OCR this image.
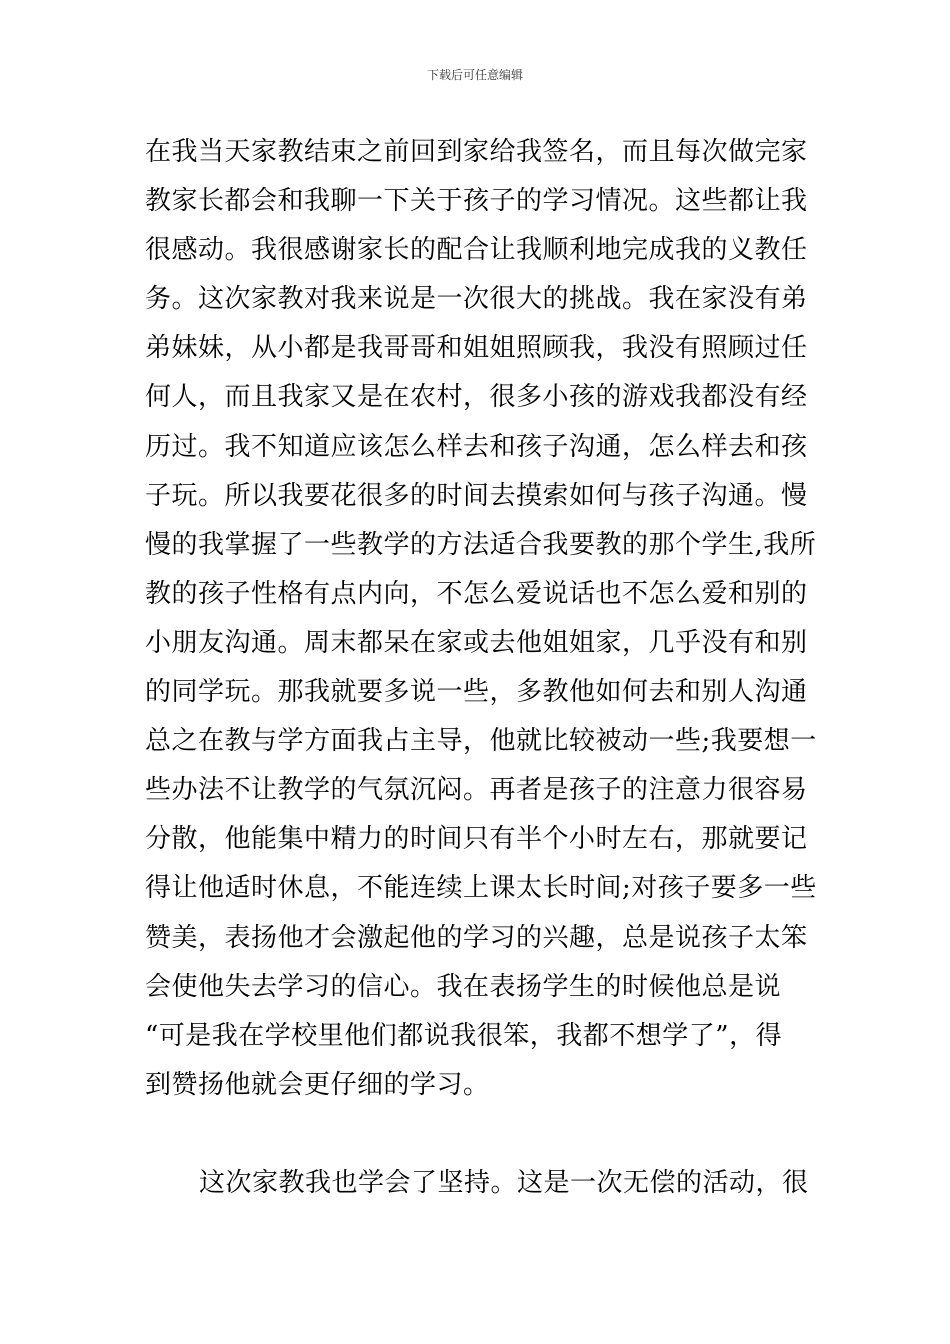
下载后可任意编辑
在我当天家教结束之前回到家给我签名，而且每次做完家
教家长都会和我聊一下关于孩子的学习情况。这些都让我
很感动。我很感谢家长的配合让我顺利地完成我的义教任
务。这次家教对我来说是一次很大的挑战。我在家没有弟
弟妹妹，从小都是我哥哥和姐姐照顾我，我没有照顾过任
何人，而且我家又是在农村，很多小孩的游戏我都没有经
历过。我不知道应该怎么样去和孩子沟通，怎么样去和孩
子玩。所以我要花很多的时间去摸索如何与孩子沟通。慢
慢的我掌握了一些教学的方法适合我要教的那个学生,我所
教的孩子性格有点内向，不怎么爱说话也不怎么爱和别的
小朋友沟通。周末都呆在家或去他姐姐家，几乎没有和别
的同学玩。那我就要多说一些，多教他如何去和别人沟通
总之在教与学方面我占主导，他就比较被动一些;我要想一
些办法不让教学的气氛沉闷。再者是孩子的注意力很容易
分散，他能集中精力的时间只有半个小时左右，那就要记
得让他适时休息，不能连续上课太长时间;对孩子要多一些
赞美，表扬他才会激起他的学习的兴趣，总是说孩子太笨
会使他失去学习的信心。我在表扬学生的时候他总是说
“可是我在学校里他们都说我很笨，我都不想学了”，得
到赞扬他就会更仔细的学习。
这次家教我也学会了坚持。这是一次无偿的活动，很
